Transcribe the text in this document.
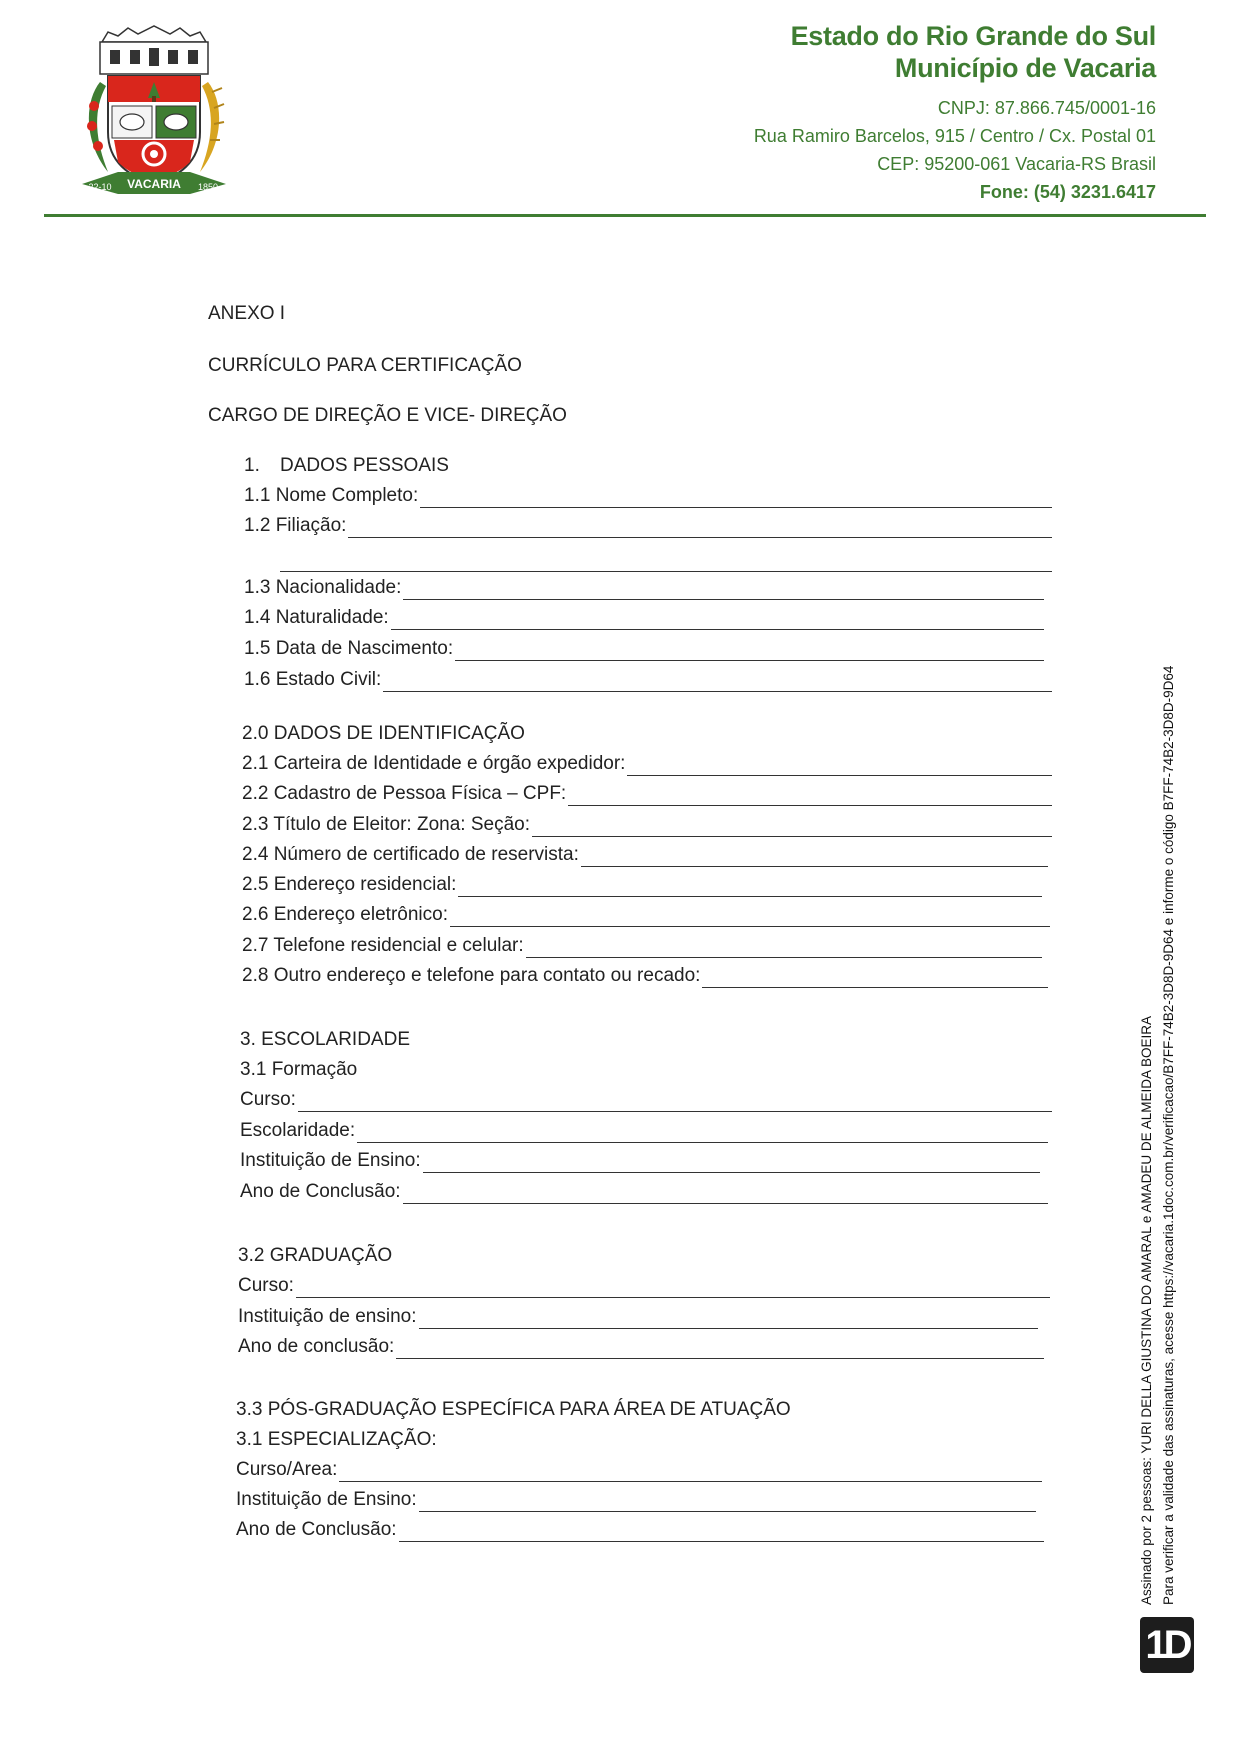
VACARIA
22-10	1850
Estado do Rio Grande do Sul
Município de Vacaria
CNPJ: 87.866.745/0001-16
Rua Ramiro Barcelos, 915 / Centro / Cx. Postal 01
CEP: 95200-061 Vacaria-RS Brasil
Fone: (54) 3231.6417
ANEXO I
CURRÍCULO PARA CERTIFICAÇÃO
CARGO DE DIREÇÃO E VICE- DIREÇÃO
1. DADOS PESSOAIS
1.1 Nome Completo:
1.2 Filiação:
1.3 Nacionalidade:
1.4 Naturalidade:
1.5 Data de Nascimento:
1.6 Estado Civil:
2.0 DADOS DE IDENTIFICAÇÃO
2.1 Carteira de Identidade e órgão expedidor:
2.2 Cadastro de Pessoa Física – CPF:
2.3 Título de Eleitor: Zona: Seção:
2.4 Número de certificado de reservista:
2.5 Endereço residencial:
2.6 Endereço eletrônico:
2.7 Telefone residencial e celular:
2.8 Outro endereço e telefone para contato ou recado:
3. ESCOLARIDADE
3.1 Formação
Curso:
Escolaridade:
Instituição de Ensino:
Ano de Conclusão:
3.2 GRADUAÇÃO
Curso:
Instituição de ensino:
Ano de conclusão:
3.3 PÓS-GRADUAÇÃO ESPECÍFICA PARA ÁREA DE ATUAÇÃO
3.1 ESPECIALIZAÇÃO:
Curso/Area:
Instituição de Ensino:
Ano de Conclusão:	Assinado por 2 pessoas: YURI DELLA GIUSTINA DO AMARAL e AMADEU DE ALMEIDA BOEIRA Para verificar a validade das assinaturas, acesse https://vacaria.1doc.com.br/verificacao/B7FF-74B2-3D8D-9D64 e informe o código B7FF-74B2-3D8D-9D64
1D
